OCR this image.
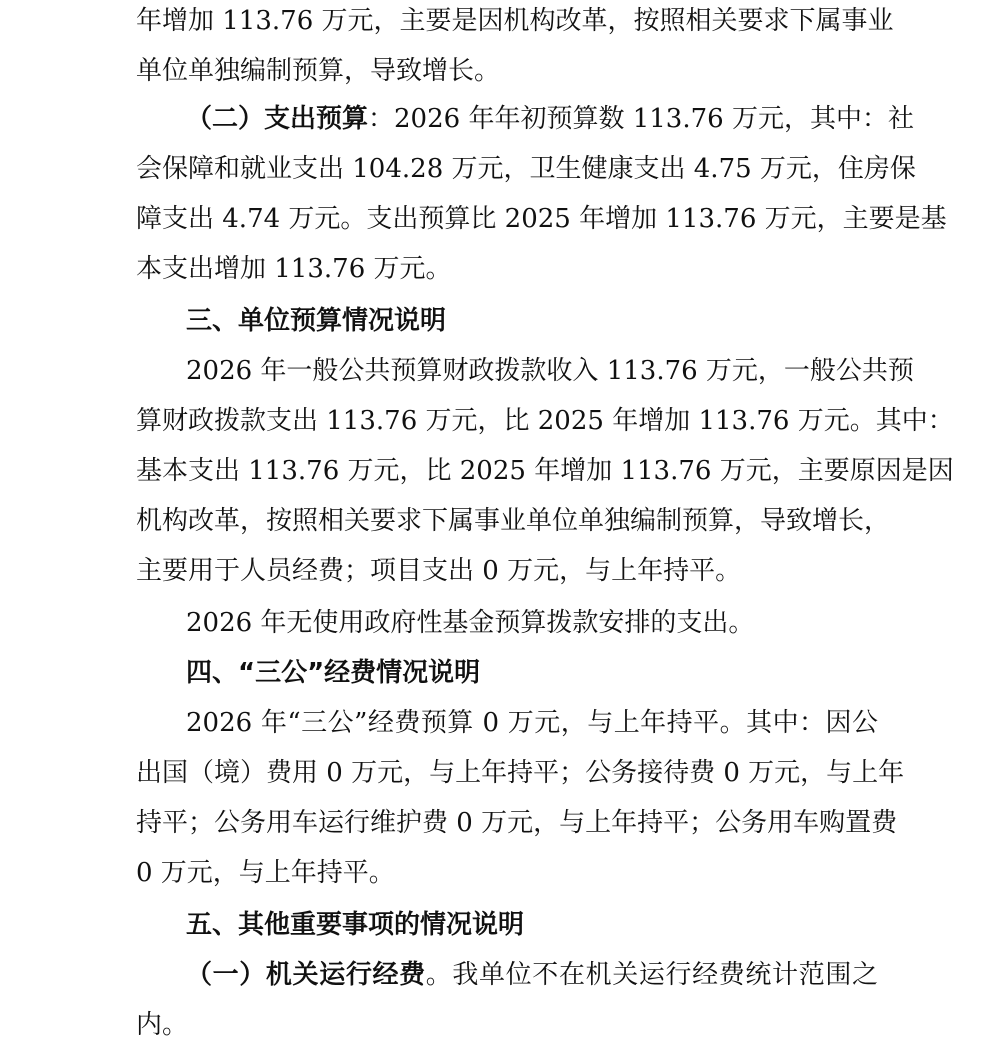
年增加 113.76 万元，主要是因机构改革，按照相关要求下属事业
单位单独编制预算，导致增长。
（二）支出预算：2026 年年初预算数 113.76 万元，其中：社
会保障和就业支出 104.28 万元，卫生健康支出 4.75 万元，住房保
障支出 4.74 万元。支出预算比 2025 年增加 113.76 万元，主要是基
本支出增加 113.76 万元。
三、单位预算情况说明
2026 年一般公共预算财政拨款收入 113.76 万元，一般公共预
算财政拨款支出 113.76 万元，比 2025 年增加 113.76 万元。其中：
基本支出 113.76 万元，比 2025 年增加 113.76 万元，主要原因是因
机构改革，按照相关要求下属事业单位单独编制预算，导致增长，
主要用于人员经费；项目支出 0 万元，与上年持平。
2026 年无使用政府性基金预算拨款安排的支出。
四、“三公”经费情况说明
2026 年“三公”经费预算 0 万元，与上年持平。其中：因公
出国（境）费用 0 万元，与上年持平；公务接待费 0 万元，与上年
持平；公务用车运行维护费 0 万元，与上年持平；公务用车购置费
0 万元，与上年持平。
五、其他重要事项的情况说明
（一）机关运行经费。我单位不在机关运行经费统计范围之
内。
